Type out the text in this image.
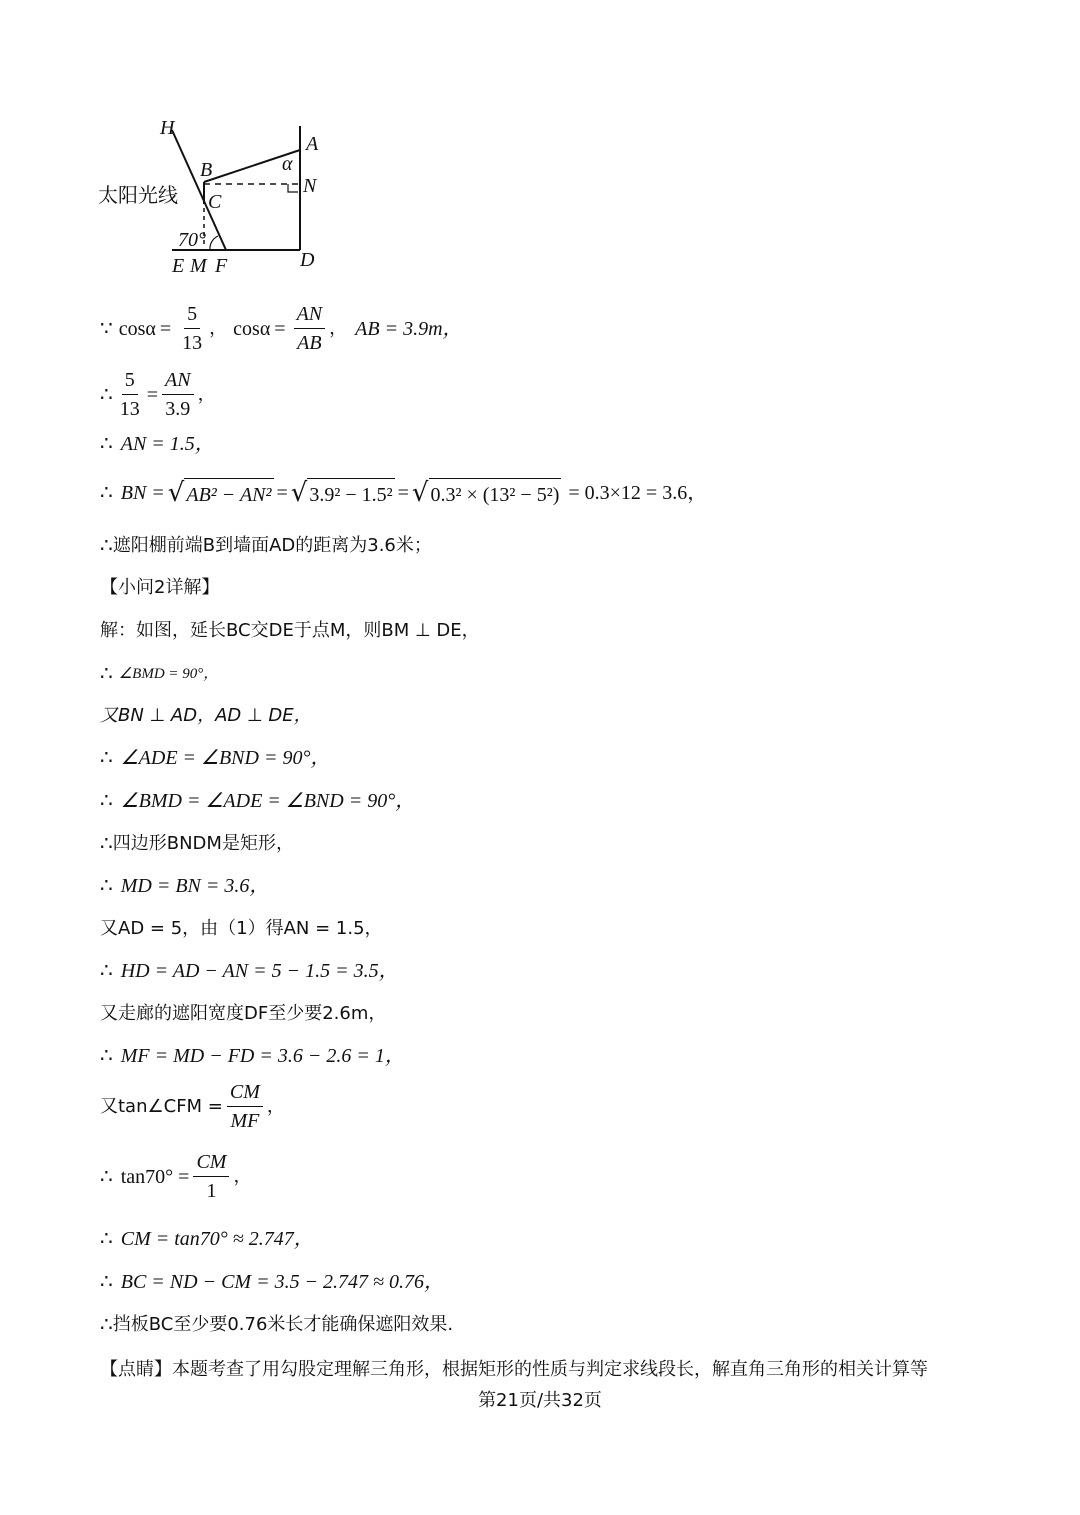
H
A
B	α
N
C
70°
E M F	D
太阳光线
∵ $\cos\alpha = \frac{5}{13}$ ， $\cos\alpha = \frac{AN}{AB}$ ， AB = 3.9m，
∴ $\frac{5}{13} = \frac{AN}{3.9}$ ，
∴ AN = 1.5，
∴ BN = √ AB² − AN² = √ 3.9² − 1.5² = √ 0.3² × (13² − 5²) = 0.3×12 = 3.6，
∴ 遮阳棚前端B到墙面AD的距离为3.6米；
【小问2详解】
解：如图，延长BC交DE于点M，则BM ⊥ DE，
∴ ∠BMD = 90°，
又BN ⊥ AD，AD ⊥ DE，
∴ ∠ADE = ∠BND = 90°，
∴ ∠BMD = ∠ADE = ∠BND = 90°，
∴ 四边形BNDM是矩形，
∴ MD = BN = 3.6，
又AD = 5，由（1）得AN = 1.5，
∴ HD = AD − AN = 5 − 1.5 = 3.5，
又走廊的遮阳宽度DF至少要2.6m，
∴ MF = MD − FD = 3.6 − 2.6 = 1，
又tan∠CFM = $\frac{CM}{MF}$ ，
∴ $\tan 70^\circ = \frac{CM}{1}$ ，
∴ CM = tan70° ≈ 2.747，
∴ BC = ND − CM = 3.5 − 2.747 ≈ 0.76，
∴ 挡板BC至少要0.76米长才能确保遮阳效果.
【点睛】本题考查了用勾股定理解三角形，根据矩形的性质与判定求线段长，解直角三角形的相关计算等
第21页/共32页
